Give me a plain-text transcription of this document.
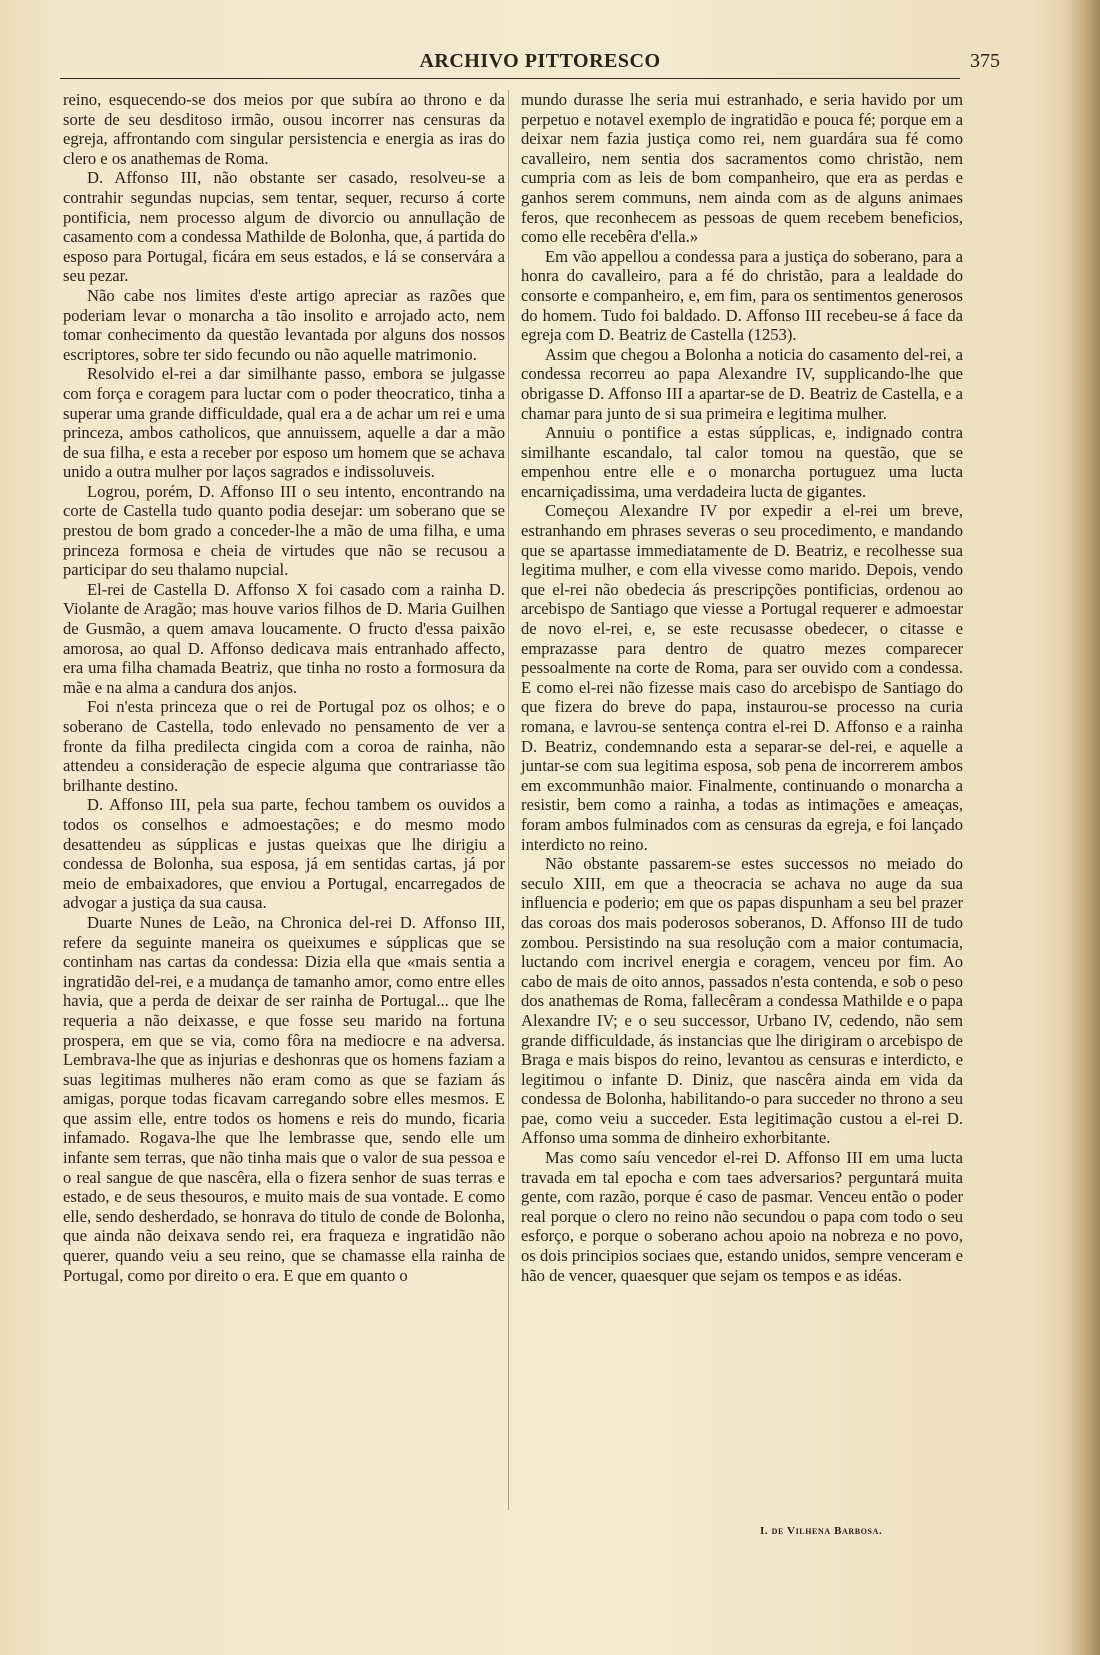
ARCHIVO PITTORESCO	375

reino, esquecendo-se dos meios por que subíra ao throno e da sorte de seu desditoso irmão, ousou incorrer nas censuras da egreja, affrontando com singular persistencia e energia as iras do clero e os anathemas de Roma.

D. Affonso III, não obstante ser casado, resolveu-se a contrahir segundas nupcias, sem tentar, sequer, recurso á corte pontificia, nem processo algum de divorcio ou annullação de casamento com a condessa Mathilde de Bolonha, que, á partida do esposo para Portugal, ficára em seus estados, e lá se conservára a seu pezar.

Não cabe nos limites d'este artigo apreciar as razões que poderiam levar o monarcha a tão insolito e arrojado acto, nem tomar conhecimento da questão levantada por alguns dos nossos escriptores, sobre ter sido fecundo ou não aquelle matrimonio.

Resolvido el-rei a dar similhante passo, embora se julgasse com força e coragem para luctar com o poder theocratico, tinha a superar uma grande difficuldade, qual era a de achar um rei e uma princeza, ambos catholicos, que annuissem, aquelle a dar a mão de sua filha, e esta a receber por esposo um homem que se achava unido a outra mulher por laços sagrados e indissoluveis.

Logrou, porém, D. Affonso III o seu intento, encontrando na corte de Castella tudo quanto podia desejar: um soberano que se prestou de bom grado a conceder-lhe a mão de uma filha, e uma princeza formosa e cheia de virtudes que não se recusou a participar do seu thalamo nupcial.

El-rei de Castella D. Affonso X foi casado com a rainha D. Violante de Aragão; mas houve varios filhos de D. Maria Guilhen de Gusmão, a quem amava loucamente. O fructo d'essa paixão amorosa, ao qual D. Affonso dedicava mais entranhado affecto, era uma filha chamada Beatriz, que tinha no rosto a formosura da mãe e na alma a candura dos anjos.

Foi n'esta princeza que o rei de Portugal poz os olhos; e o soberano de Castella, todo enlevado no pensamento de ver a fronte da filha predilecta cingida com a coroa de rainha, não attendeu a consideração de especie alguma que contrariasse tão brilhante destino.

D. Affonso III, pela sua parte, fechou tambem os ouvidos a todos os conselhos e admoestações; e do mesmo modo desattendeu as súpplicas e justas queixas que lhe dirigiu a condessa de Bolonha, sua esposa, já em sentidas cartas, já por meio de embaixadores, que enviou a Portugal, encarregados de advogar a justiça da sua causa.

Duarte Nunes de Leão, na Chronica del-rei D. Affonso III, refere da seguinte maneira os queixumes e súpplicas que se continham nas cartas da condessa: Dizia ella que «mais sentia a ingratidão del-rei, e a mudança de tamanho amor, como entre elles havia, que a perda de deixar de ser rainha de Portugal... que lhe requeria a não deixasse, e que fosse seu marido na fortuna prospera, em que se via, como fôra na mediocre e na adversa. Lembrava-lhe que as injurias e deshonras que os homens faziam a suas legitimas mulheres não eram como as que se faziam ás amigas, porque todas ficavam carregando sobre elles mesmos. E que assim elle, entre todos os homens e reis do mundo, ficaria infamado. Rogava-lhe que lhe lembrasse que, sendo elle um infante sem terras, que não tinha mais que o valor de sua pessoa e o real sangue de que nascêra, ella o fizera senhor de suas terras e estado, e de seus thesouros, e muito mais de sua vontade. E como elle, sendo desherdado, se honrava do titulo de conde de Bolonha, que ainda não deixava sendo rei, era fraqueza e ingratidão não querer, quando veiu a seu reino, que se chamasse ella rainha de Portugal, como por direito o era. E que em quanto o

mundo durasse lhe seria mui estranhado, e seria havido por um perpetuo e notavel exemplo de ingratidão e pouca fé; porque em a deixar nem fazia justiça como rei, nem guardára sua fé como cavalleiro, nem sentia dos sacramentos como christão, nem cumpria com as leis de bom companheiro, que era as perdas e ganhos serem communs, nem ainda com as de alguns animaes feros, que reconhecem as pessoas de quem recebem beneficios, como elle recebêra d'ella.»

Em vão appellou a condessa para a justiça do soberano, para a honra do cavalleiro, para a fé do christão, para a lealdade do consorte e companheiro, e, em fim, para os sentimentos generosos do homem. Tudo foi baldado. D. Affonso III recebeu-se á face da egreja com D. Beatriz de Castella (1253).

Assim que chegou a Bolonha a noticia do casamento del-rei, a condessa recorreu ao papa Alexandre IV, supplicando-lhe que obrigasse D. Affonso III a apartar-se de D. Beatriz de Castella, e a chamar para junto de si sua primeira e legitima mulher.

Annuiu o pontifice a estas súpplicas, e, indignado contra similhante escandalo, tal calor tomou na questão, que se empenhou entre elle e o monarcha portuguez uma lucta encarniçadissima, uma verdadeira lucta de gigantes.

Começou Alexandre IV por expedir a el-rei um breve, estranhando em phrases severas o seu procedimento, e mandando que se apartasse immediatamente de D. Beatriz, e recolhesse sua legitima mulher, e com ella vivesse como marido. Depois, vendo que el-rei não obedecia ás prescripções pontificias, ordenou ao arcebispo de Santiago que viesse a Portugal requerer e admoestar de novo el-rei, e, se este recusasse obedecer, o citasse e emprazasse para dentro de quatro mezes comparecer pessoalmente na corte de Roma, para ser ouvido com a condessa. E como el-rei não fizesse mais caso do arcebispo de Santiago do que fizera do breve do papa, instaurou-se processo na curia romana, e lavrou-se sentença contra el-rei D. Affonso e a rainha D. Beatriz, condemnando esta a separar-se del-rei, e aquelle a juntar-se com sua legitima esposa, sob pena de incorrerem ambos em excommunhão maior. Finalmente, continuando o monarcha a resistir, bem como a rainha, a todas as intimações e ameaças, foram ambos fulminados com as censuras da egreja, e foi lançado interdicto no reino.

Não obstante passarem-se estes successos no meiado do seculo XIII, em que a theocracia se achava no auge da sua influencia e poderio; em que os papas dispunham a seu bel prazer das coroas dos mais poderosos soberanos, D. Affonso III de tudo zombou. Persistindo na sua resolução com a maior contumacia, luctando com incrivel energia e coragem, venceu por fim. Ao cabo de mais de oito annos, passados n'esta contenda, e sob o peso dos anathemas de Roma, fallecêram a condessa Mathilde e o papa Alexandre IV; e o seu successor, Urbano IV, cedendo, não sem grande difficuldade, ás instancias que lhe dirigiram o arcebispo de Braga e mais bispos do reino, levantou as censuras e interdicto, e legitimou o infante D. Diniz, que nascêra ainda em vida da condessa de Bolonha, habilitando-o para succeder no throno a seu pae, como veiu a succeder. Esta legitimação custou a el-rei D. Affonso uma somma de dinheiro exhorbitante.

Mas como saíu vencedor el-rei D. Affonso III em uma lucta travada em tal epocha e com taes adversarios? perguntará muita gente, com razão, porque é caso de pasmar. Venceu então o poder real porque o clero no reino não secundou o papa com todo o seu esforço, e porque o soberano achou apoio na nobreza e no povo, os dois principios sociaes que, estando unidos, sempre venceram e hão de vencer, quaesquer que sejam os tempos e as idéas.

I. de Vilhena Barbosa.
